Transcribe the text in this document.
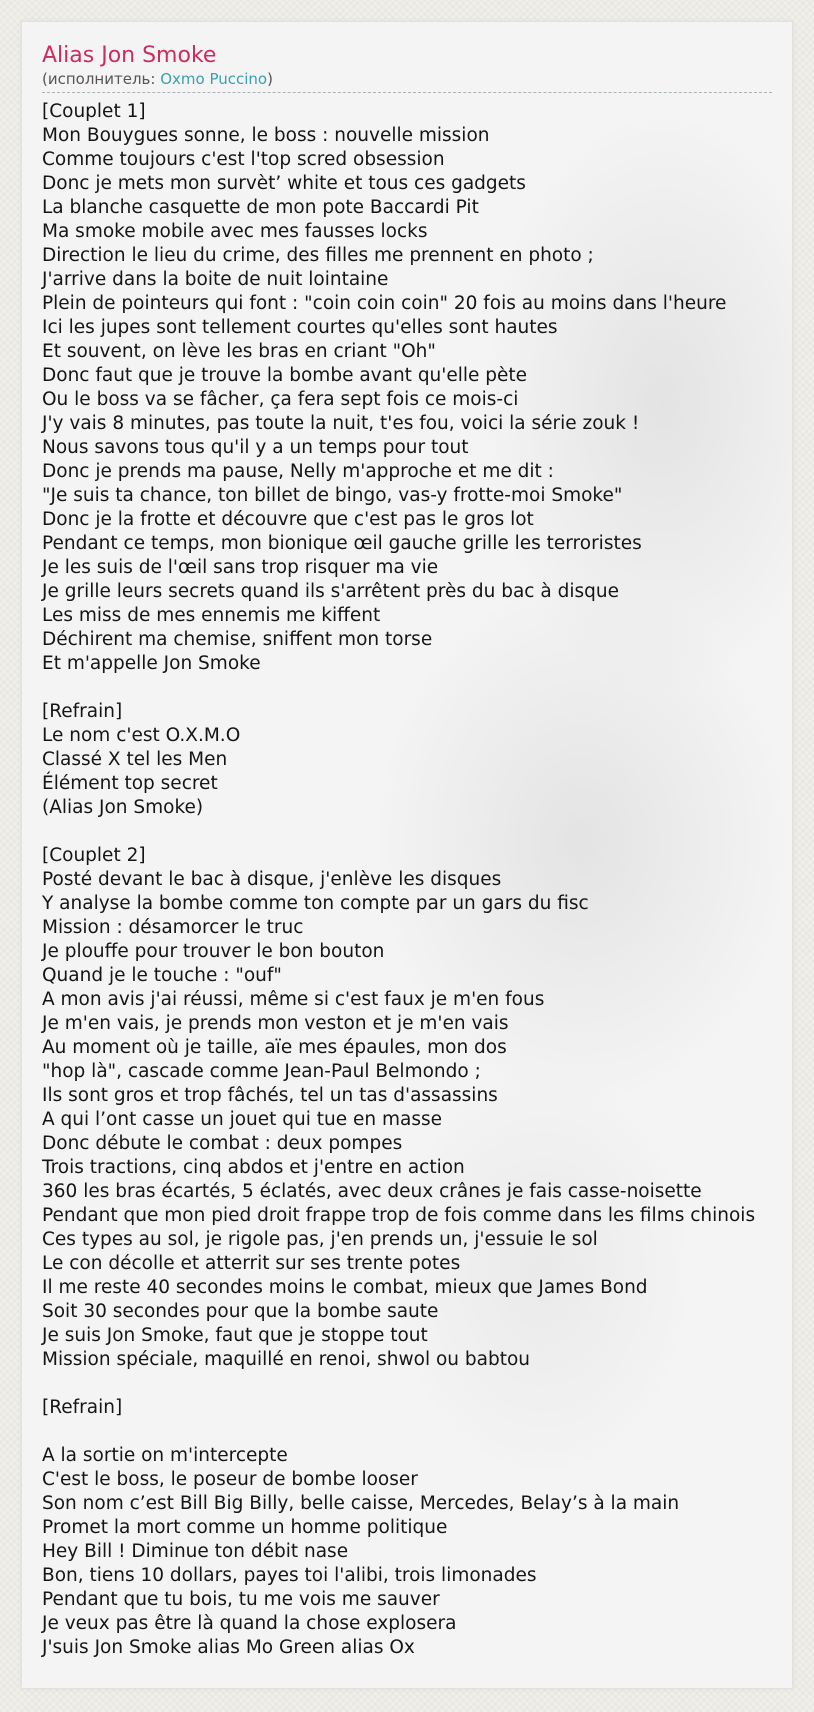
Alias Jon Smoke
(исполнитель: Oxmo Puccino)
[Couplet 1]
Mon Bouygues sonne, le boss : nouvelle mission
Comme toujours c'est l'top scred obsession
Donc je mets mon survèt’ white et tous ces gadgets
La blanche casquette de mon pote Baccardi Pit
Ma smoke mobile avec mes fausses locks
Direction le lieu du crime, des filles me prennent en photo ;
J'arrive dans la boite de nuit lointaine
Plein de pointeurs qui font : "coin coin coin" 20 fois au moins dans l'heure
Ici les jupes sont tellement courtes qu'elles sont hautes
Et souvent, on lève les bras en criant "Oh"
Donc faut que je trouve la bombe avant qu'elle pète
Ou le boss va se fâcher, ça fera sept fois ce mois-ci
J'y vais 8 minutes, pas toute la nuit, t'es fou, voici la série zouk !
Nous savons tous qu'il y a un temps pour tout
Donc je prends ma pause, Nelly m'approche et me dit :
"Je suis ta chance, ton billet de bingo, vas-y frotte-moi Smoke"
Donc je la frotte et découvre que c'est pas le gros lot
Pendant ce temps, mon bionique œil gauche grille les terroristes
Je les suis de l'œil sans trop risquer ma vie
Je grille leurs secrets quand ils s'arrêtent près du bac à disque
Les miss de mes ennemis me kiffent
Déchirent ma chemise, sniffent mon torse
Et m'appelle Jon Smoke
[Refrain]
Le nom c'est O.X.M.O
Classé X tel les Men
Élément top secret
(Alias Jon Smoke)
[Couplet 2]
Posté devant le bac à disque, j'enlève les disques
Y analyse la bombe comme ton compte par un gars du fisc
Mission : désamorcer le truc
Je plouffe pour trouver le bon bouton
Quand je le touche : "ouf"
A mon avis j'ai réussi, même si c'est faux je m'en fous
Je m'en vais, je prends mon veston et je m'en vais
Au moment où je taille, aïe mes épaules, mon dos
"hop là", cascade comme Jean-Paul Belmondo ;
Ils sont gros et trop fâchés, tel un tas d'assassins
A qui l’ont casse un jouet qui tue en masse
Donc débute le combat : deux pompes
Trois tractions, cinq abdos et j'entre en action
360 les bras écartés, 5 éclatés, avec deux crânes je fais casse-noisette
Pendant que mon pied droit frappe trop de fois comme dans les films chinois
Ces types au sol, je rigole pas, j'en prends un, j'essuie le sol
Le con décolle et atterrit sur ses trente potes
Il me reste 40 secondes moins le combat, mieux que James Bond
Soit 30 secondes pour que la bombe saute
Je suis Jon Smoke, faut que je stoppe tout
Mission spéciale, maquillé en renoi, shwol ou babtou
[Refrain]
A la sortie on m'intercepte
C'est le boss, le poseur de bombe looser
Son nom c’est Bill Big Billy, belle caisse, Mercedes, Belay’s à la main
Promet la mort comme un homme politique
Hey Bill ! Diminue ton débit nase
Bon, tiens 10 dollars, payes toi l'alibi, trois limonades
Pendant que tu bois, tu me vois me sauver
Je veux pas être là quand la chose explosera
J'suis Jon Smoke alias Mo Green alias Ox
